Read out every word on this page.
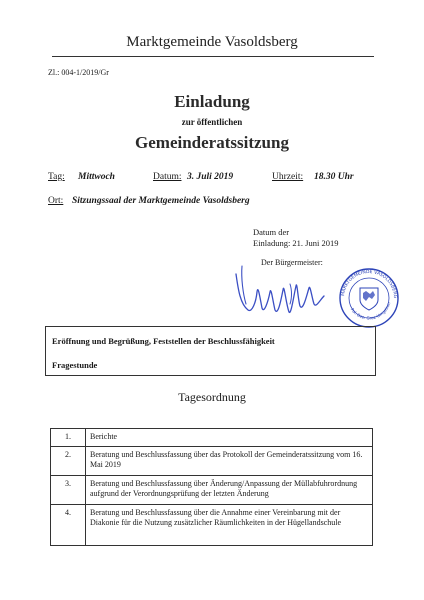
Marktgemeinde Vasoldsberg
Zl.: 004-1/2019/Gr
Einladung
zur öffentlichen
Gemeinderatssitzung
Tag: Mittwoch	Datum: 3. Juli 2019	Uhrzeit: 18.30 Uhr
Ort: Sitzungssaal der Marktgemeinde Vasoldsberg
Datum der
Einladung: 21. Juni 2019
Der Bürgermeister:
MARKTGEMEINDE VASOLDSBERG
Pol. Bez. Graz-Umgebun
Eröffnung und Begrüßung, Feststellen der Beschlussfähigkeit
Fragestunde
Tagesordnung
1.	Berichte
2.	Beratung und Beschlussfassung über das Protokoll der Gemeinderatssitzung vom 16. Mai 2019
3.	Beratung und Beschlussfassung über Änderung/Anpassung der Müllabfuhrordnung aufgrund der Verordnungsprüfung der letzten Änderung
4.	Beratung und Beschlussfassung über die Annahme einer Vereinbarung mit der Diakonie für die Nutzung zusätzlicher Räumlichkeiten in der Hügellandschule
